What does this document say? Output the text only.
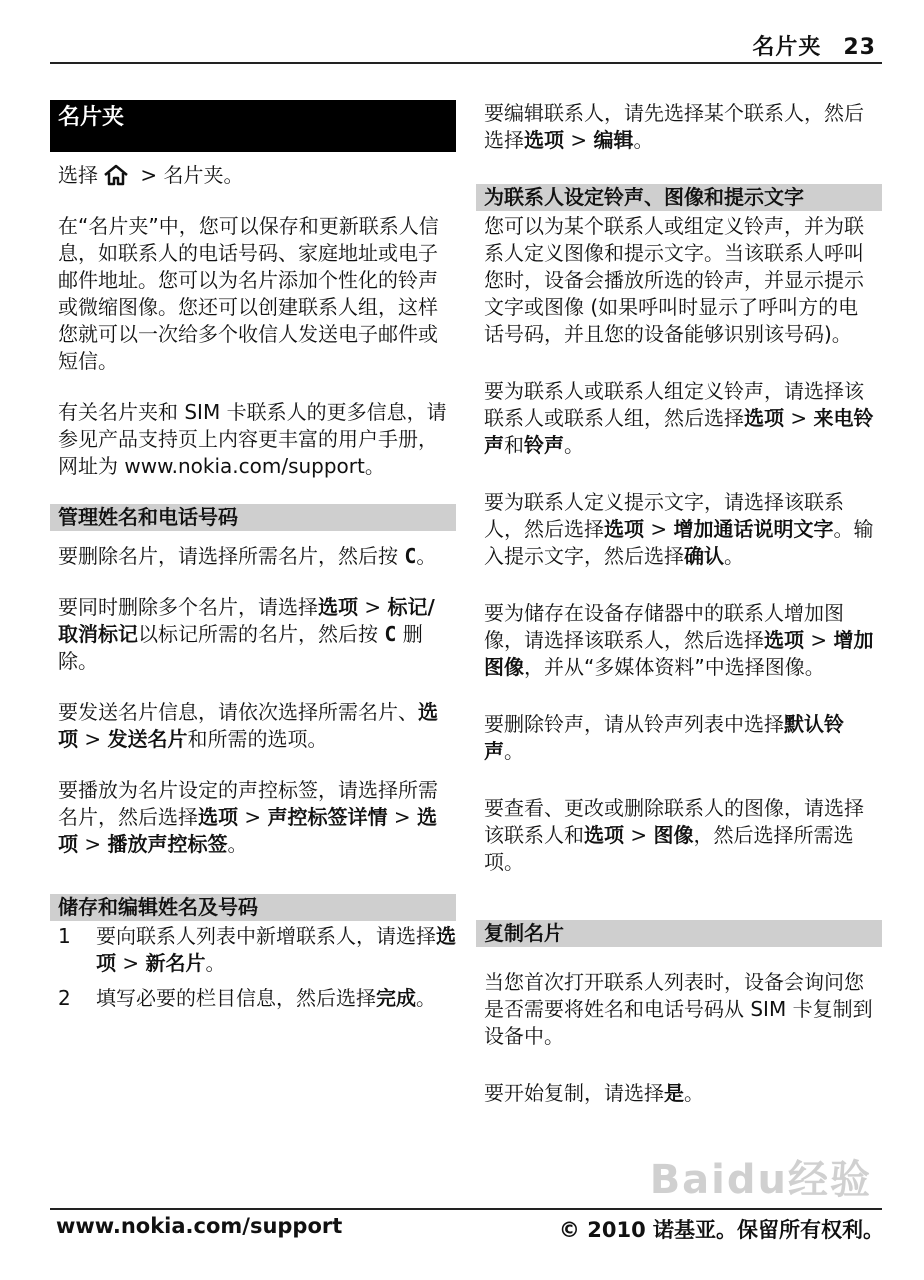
名片夹 23
名片夹

选择 > 名片夹。

在“名片夹”中，您可以保存和更新联系人信息，如联系人的电话号码、家庭地址或电子邮件地址。您可以为名片添加个性化的铃声或微缩图像。您还可以创建联系人组，这样您就可以一次给多个收信人发送电子邮件或短信。

有关名片夹和 SIM 卡联系人的更多信息，请参见产品支持页上内容更丰富的用户手册，网址为 www.nokia.com/support。

管理姓名和电话号码

要删除名片，请选择所需名片，然后按 C。

要同时删除多个名片，请选择选项 > 标记/取消标记以标记所需的名片，然后按 C 删除。

要发送名片信息，请依次选择所需名片、选项 > 发送名片和所需的选项。

要播放为名片设定的声控标签，请选择所需名片，然后选择选项 > 声控标签详情 > 选项 > 播放声控标签。

储存和编辑姓名及号码
1	要向联系人列表中新增联系人，请选择选项 > 新名片。
2	填写必要的栏目信息，然后选择完成。

要编辑联系人，请先选择某个联系人，然后选择选项 > 编辑。

为联系人设定铃声、图像和提示文字

您可以为某个联系人或组定义铃声，并为联系人定义图像和提示文字。当该联系人呼叫您时，设备会播放所选的铃声，并显示提示文字或图像 (如果呼叫时显示了呼叫方的电话号码，并且您的设备能够识别该号码)。

要为联系人或联系人组定义铃声，请选择该联系人或联系人组，然后选择选项 > 来电铃声和铃声。

要为联系人定义提示文字，请选择该联系人，然后选择选项 > 增加通话说明文字。输入提示文字，然后选择确认。

要为储存在设备存储器中的联系人增加图像，请选择该联系人，然后选择选项 > 增加图像，并从“多媒体资料”中选择图像。

要删除铃声，请从铃声列表中选择默认铃声。

要查看、更改或删除联系人的图像，请选择该联系人和选项 > 图像，然后选择所需选项。

复制名片

当您首次打开联系人列表时，设备会询问您是否需要将姓名和电话号码从 SIM 卡复制到设备中。

要开始复制，请选择是。

Baidu经验
www.nokia.com/support	© 2010 诺基亚。保留所有权利。
